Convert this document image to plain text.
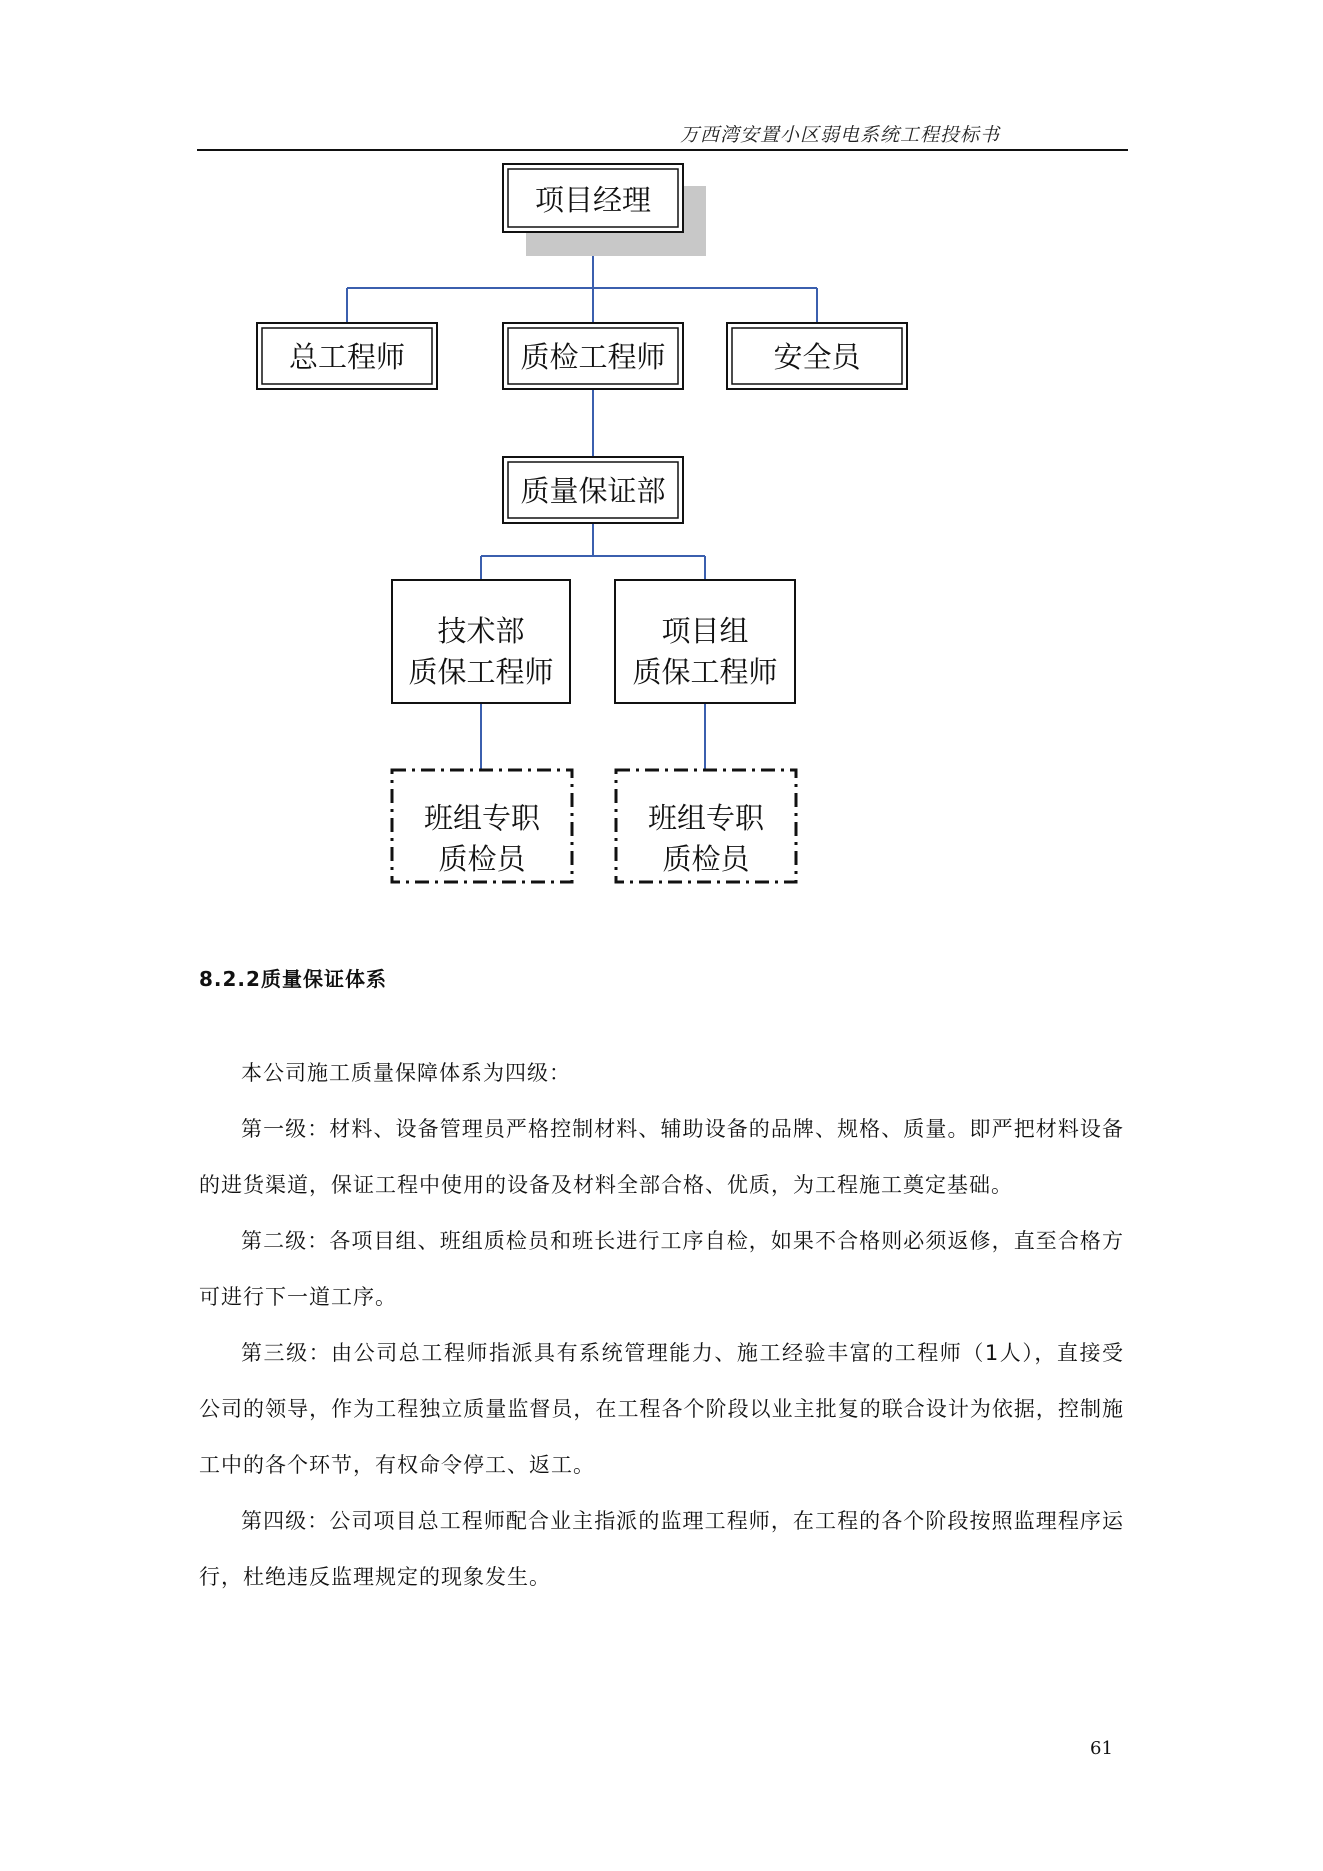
万西湾安置小区弱电系统工程投标书
项目经理
总工程师	质检工程师	安全员
质量保证部
技术部
质保工程师
项目组
质保工程师
班组专职
质检员
班组专职
质检员
8.2.2质量保证体系

本公司施工质量保障体系为四级：

第一级：材料、设备管理员严格控制材料、辅助设备的品牌、规格、质量。即严把材料设备的进货渠道，保证工程中使用的设备及材料全部合格、优质，为工程施工奠定基础。

第二级：各项目组、班组质检员和班长进行工序自检，如果不合格则必须返修，直至合格方可进行下一道工序。

第三级：由公司总工程师指派具有系统管理能力、施工经验丰富的工程师（1人），直接受公司的领导，作为工程独立质量监督员，在工程各个阶段以业主批复的联合设计为依据，控制施工中的各个环节，有权命令停工、返工。

第四级：公司项目总工程师配合业主指派的监理工程师，在工程的各个阶段按照监理程序运行，杜绝违反监理规定的现象发生。

61
